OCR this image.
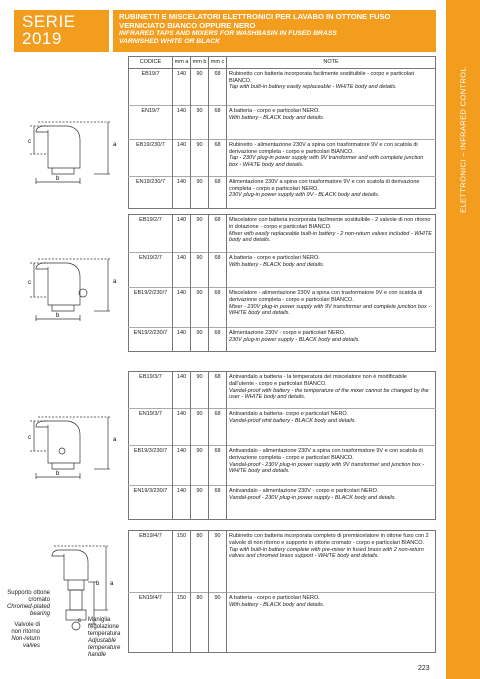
SERIE
2019
RUBINETTI E MISCELATORI ELETTRONICI PER LAVABO IN OTTONE FUSO
VERNICIATO BIANCO OPPURE NERO
INFRARED TAPS AND MIXERS FOR WASHBASIN IN FUSED BRASS
VARNISHED WHITE OR BLACK
ELETTRONICI – INFRARED CONTROL
a
c
b
CODICE	mm a	mm b	mm c	NOTE
EB19/7	140	90	68	Rubinetto con batteria incorporata facilmente sostituibile - corpo e particolari BIANCO.
Tap with built-in battery easily replaceable - WHITE body and details.

EN19/7	140	90	68	A batteria - corpo e particolari NERO.
With battery - BLACK body and details.

EB19/230/7	140	90	68	Rubinetto - alimentazione 230V a spina con trasformatore 9V e con scatola di derivazione completa - corpo e particolari BIANCO.
Tap - 230V plug-in power supply with 9V transformer and with complete junction box - WHITE body and details.

EN19/230/7	140	90	68	Alimentazione 230V a spina con trasformatore 9V e con scatola di derivazione completa - corpo e particolari NERO.
230V plug-in power supply with 9V - BLACK body and details.
a
c
b
EB19/2/7	140	90	68	Miscelatore con batteria incorporata facilmente sostituibile - 2 valvole di non ritorno in dotazione - corpo e particolari BIANCO.
Mixer with easily replaceable built-in battery - 2 non-return valves included - WHITE body and details.

EN19/2/7	140	90	68	A batteria - corpo e particolari NERO.
With battery - BLACK body and details.

EB19/2/230/7	140	90	68	Miscelatore - alimentazione 230V a spina con trasformatore 9V e con scatola di derivazione completa - corpo e particolari BIANCO.
Mixer - 230V plug-in power supply with 9V transformer and complete junction box - WHITE body and details.

EN19/2/230/7	140	90	68	Alimentazione 230V - corpo e particolari NERO.
230V plug-in power supply - BLACK body and details.
a
c
b
EB19/3/7	140	90	68	Antivandalo a batteria - la temperatura del miscelatore non è modificabile dall'utente - corpo e particolari BIANCO.
Vandal-proof with battery - the temperature of the mixer cannot be changed by the user - WHITE body and details.

EN19/3/7	140	90	68	Antivandalo a batteria- corpo e particolari NERO.
Vandal-proof whit battery - BLACK body and details.

EB19/3/230/7	140	90	68	Antivandalo - alimentazione 230V a spina con trasformatore 9V e con scatola di derivazione completa - corpo e particolari BIANCO.
Vandal-proof - 230V plug-in power supply with 9V transformer and junction box - WHITE body and details.

EN19/3/230/7	140	90	68	Antivandalo - alimentazione 230V - corpo e particolari NERO.
Vandal-proof - 230V plug-in power supply - BLACK body and details.
a
b
c
Supporto ottone cromato

Chromed-plated bearing
Valvole di non ritorno

Non-return valves
Maniglia regolazione temperatura

Adjustable temperature handle
EB19/4/7	150	80	90	Rubinetto con batteria incorporata completo di premiscelatore in ottone fuso con 2 valvole di non ritorno e supporto in ottone cromato - corpo e particolari BIANCO.
Tap with built-in battery complete with pre-mixer in fused brass with 2 non-return valves and chromed brass support - WHITE body and details.

EN19/4/7	150	80	90	A batteria - corpo e particolari NERO.
With battery - BLACK body and details.
223
